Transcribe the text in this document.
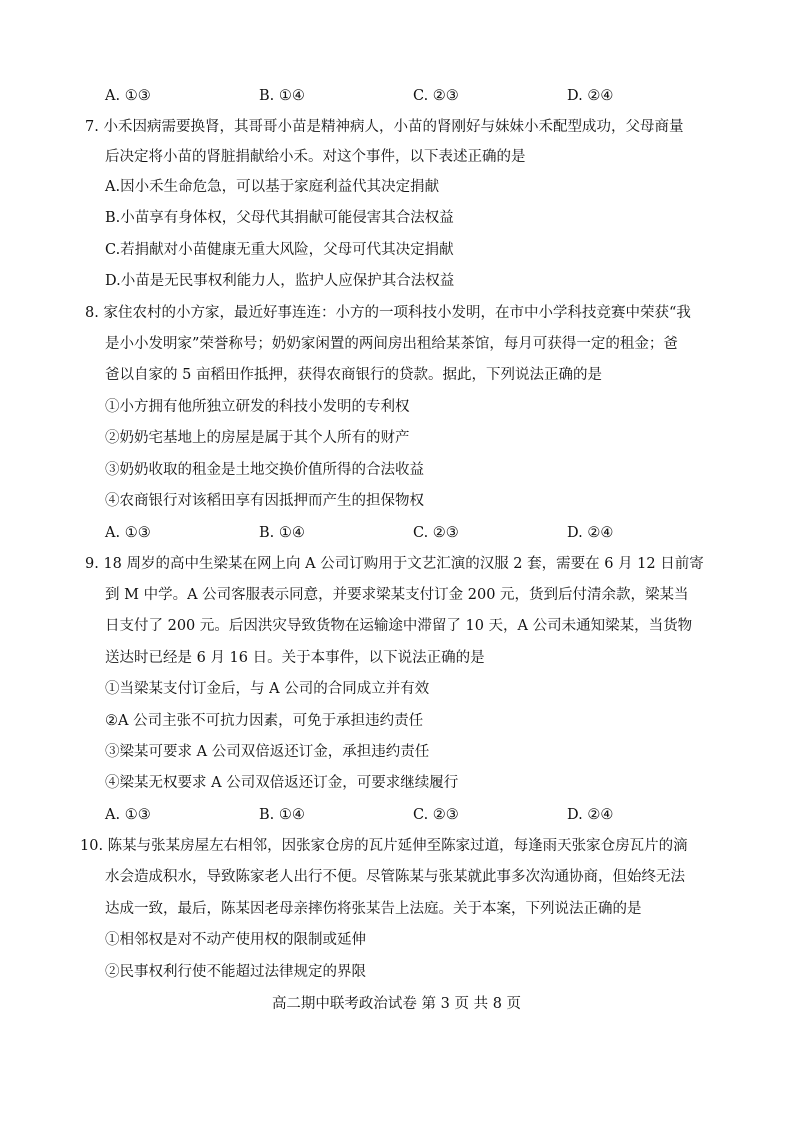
A. ①③	B. ①④	C. ②③	D. ②④
7. 小禾因病需要换肾，其哥哥小苗是精神病人，小苗的肾刚好与妹妹小禾配型成功，父母商量
后决定将小苗的肾脏捐献给小禾。对这个事件，以下表述正确的是
A.因小禾生命危急，可以基于家庭利益代其决定捐献
B.小苗享有身体权，父母代其捐献可能侵害其合法权益
C.若捐献对小苗健康无重大风险，父母可代其决定捐献
D.小苗是无民事权利能力人，监护人应保护其合法权益
8. 家住农村的小方家，最近好事连连：小方的一项科技小发明，在市中小学科技竞赛中荣获“我
是小小发明家”荣誉称号；奶奶家闲置的两间房出租给某茶馆，每月可获得一定的租金；爸
爸以自家的 5 亩稻田作抵押，获得农商银行的贷款。据此，下列说法正确的是
①小方拥有他所独立研发的科技小发明的专利权
②奶奶宅基地上的房屋是属于其个人所有的财产
③奶奶收取的租金是土地交换价值所得的合法收益
④农商银行对该稻田享有因抵押而产生的担保物权
A. ①③	B. ①④	C. ②③	D. ②④
9. 18 周岁的高中生梁某在网上向 A 公司订购用于文艺汇演的汉服 2 套，需要在 6 月 12 日前寄
到 M 中学。A 公司客服表示同意，并要求梁某支付订金 200 元，货到后付清余款，梁某当
日支付了 200 元。后因洪灾导致货物在运输途中滞留了 10 天，A 公司未通知梁某，当货物
送达时已经是 6 月 16 日。关于本事件，以下说法正确的是
①当梁某支付订金后，与 A 公司的合同成立并有效
②A 公司主张不可抗力因素，可免于承担违约责任
③梁某可要求 A 公司双倍返还订金，承担违约责任
④梁某无权要求 A 公司双倍返还订金，可要求继续履行
A. ①③	B. ①④	C. ②③	D. ②④
10. 陈某与张某房屋左右相邻，因张家仓房的瓦片延伸至陈家过道，每逢雨天张家仓房瓦片的滴
水会造成积水，导致陈家老人出行不便。尽管陈某与张某就此事多次沟通协商，但始终无法
达成一致，最后，陈某因老母亲摔伤将张某告上法庭。关于本案，下列说法正确的是
①相邻权是对不动产使用权的限制或延伸
②民事权利行使不能超过法律规定的界限
高二期中联考政治试卷 第 3 页 共 8 页
